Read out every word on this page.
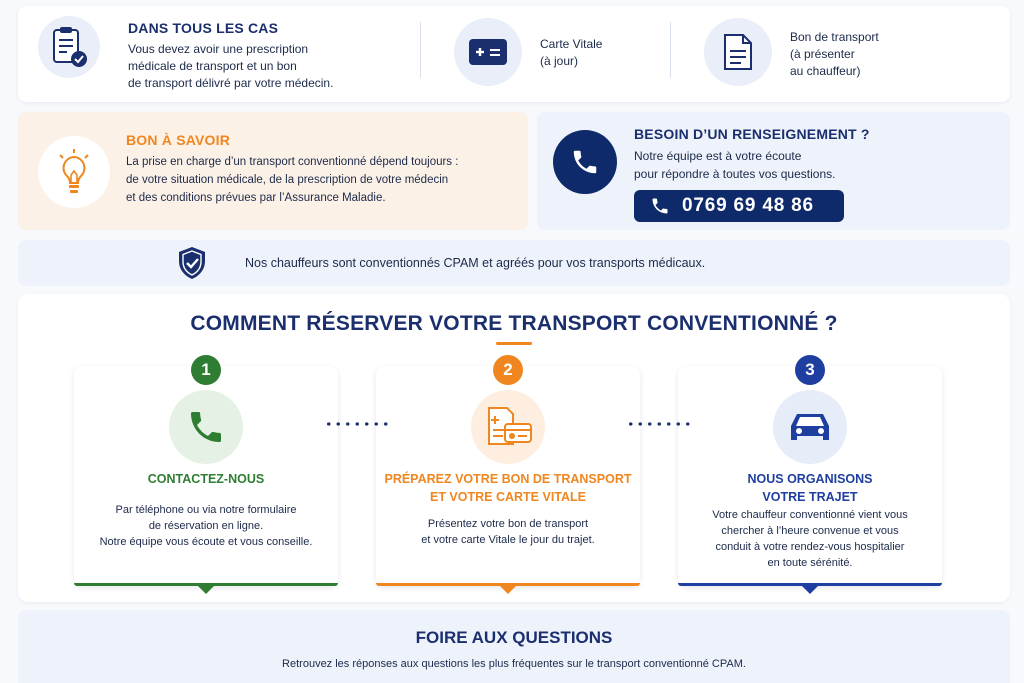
DANS TOUS LES CAS
Vous devez avoir une prescription
médicale de transport et un bon
de transport délivré par votre médecin.
Carte Vitale
(à jour)
Bon de transport
(à présenter
au chauffeur)
BON À SAVOIR
La prise en charge d’un transport conventionné dépend toujours :
de votre situation médicale, de la prescription de votre médecin
et des conditions prévues par l’Assurance Maladie.
BESOIN D’UN RENSEIGNEMENT ?
Notre équipe est à votre écoute
pour répondre à toutes vos questions.
0769 69 48 86
Nos chauffeurs sont conventionnés CPAM et agréés pour vos transports médicaux.
COMMENT RÉSERVER VOTRE TRANSPORT CONVENTIONNÉ ?
CONTACTEZ-NOUS
Par téléphone ou via notre formulaire
de réservation en ligne.
Notre équipe vous écoute et vous conseille.
1
PRÉPAREZ VOTRE BON DE TRANSPORT
ET VOTRE CARTE VITALE
Présentez votre bon de transport
et votre carte Vitale le jour du trajet.
2
NOUS ORGANISONS
VOTRE TRAJET
Votre chauffeur conventionné vient vous
chercher à l’heure convenue et vous
conduit à votre rendez-vous hospitalier
en toute sérénité.
3
FOIRE AUX QUESTIONS
Retrouvez les réponses aux questions les plus fréquentes sur le transport conventionné CPAM.
